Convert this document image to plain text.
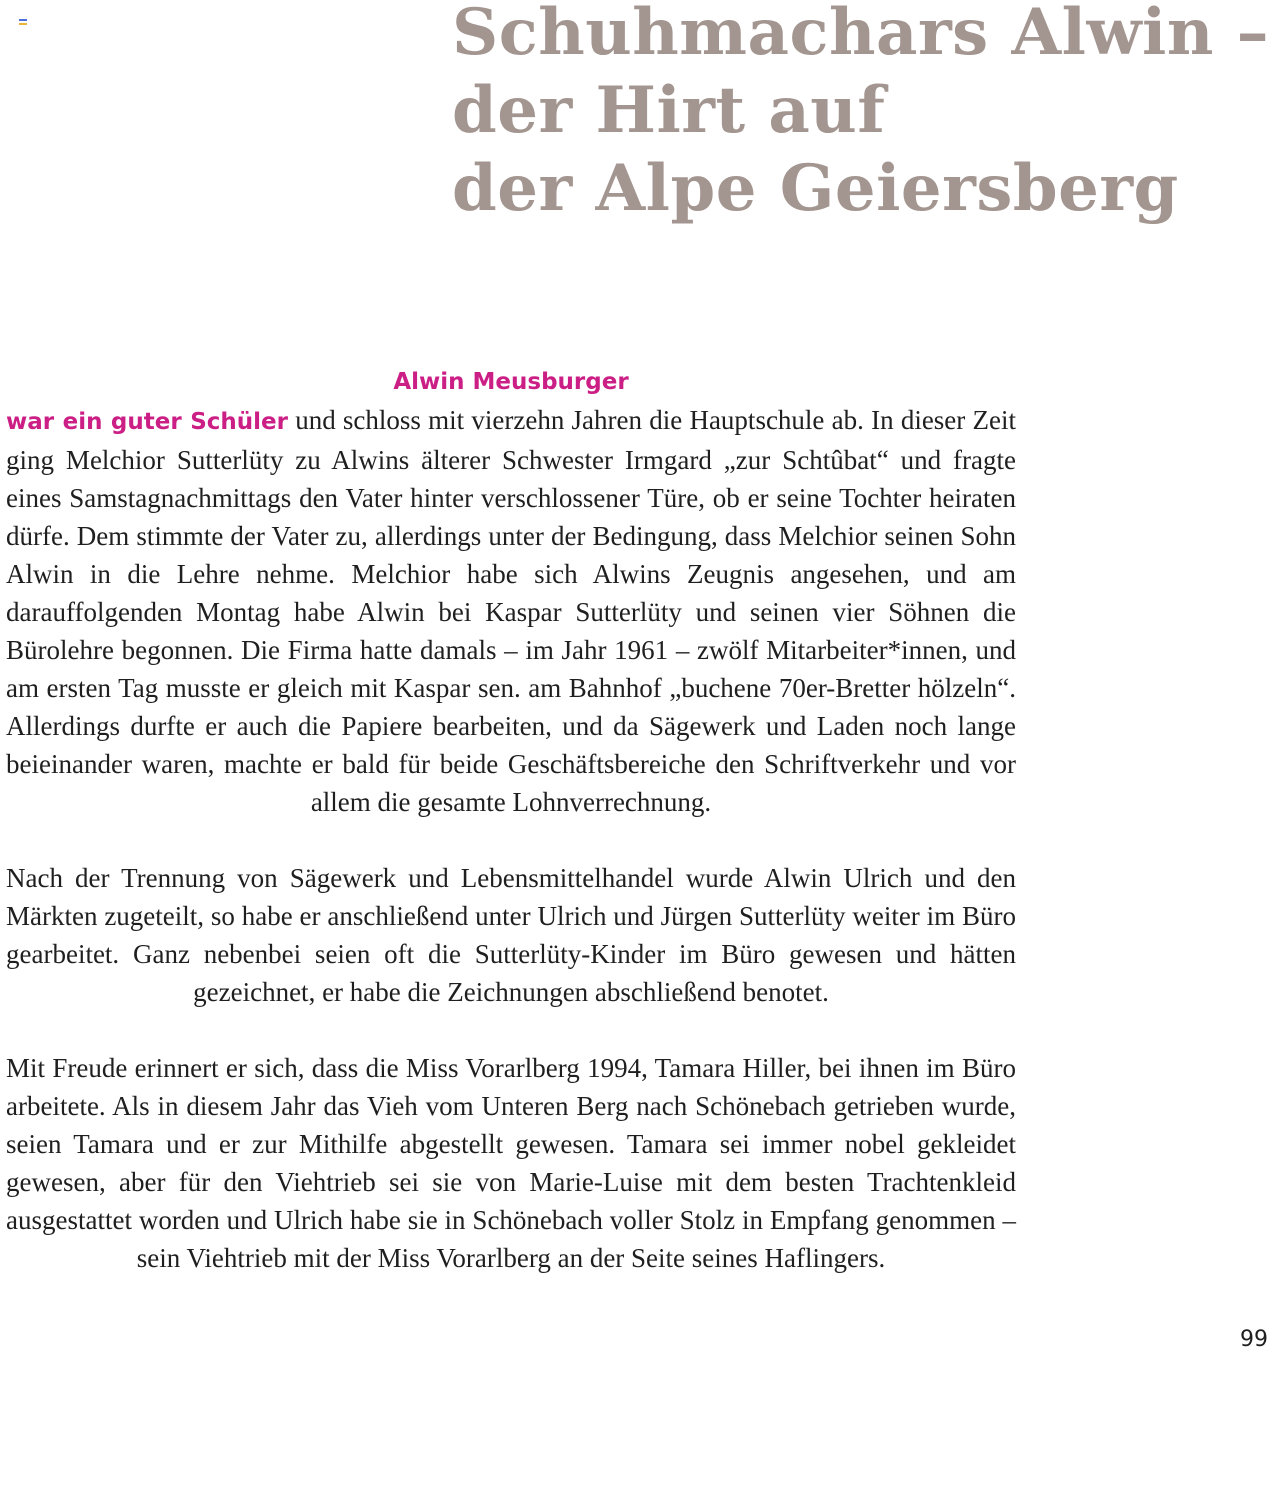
Schuhmachars Alwin –
der Hirt auf
der Alpe Geiersberg

Alwin Meusburger
war ein guter Schüler und schloss mit vierzehn Jahren die Hauptschule ab. In dieser Zeit ging Melchior Sutterlüty zu Alwins älterer Schwester Irmgard „zur Schtûbat“ und fragte eines Samstagnachmittags den Vater hinter verschlossener Türe, ob er seine Tochter heiraten dürfe. Dem stimmte der Vater zu, allerdings unter der Bedingung, dass Melchior seinen Sohn Alwin in die Lehre nehme. Melchior habe sich Alwins Zeugnis angesehen, und am darauffolgenden Montag habe Alwin bei Kaspar Sutterlüty und seinen vier Söhnen die Bürolehre begonnen. Die Firma hatte damals – im Jahr 1961 – zwölf Mitarbeiter*innen, und am ersten Tag musste er gleich mit Kaspar sen. am Bahnhof „buchene 70er-Bretter hölzeln“. Allerdings durfte er auch die Papiere bearbeiten, und da Sägewerk und Laden noch lange beieinander waren, machte er bald für beide Geschäftsbereiche den Schriftverkehr und vor allem die gesamte Lohnverrechnung.

Nach der Trennung von Sägewerk und Lebensmittelhandel wurde Alwin Ulrich und den Märkten zugeteilt, so habe er anschließend unter Ulrich und Jürgen Sutterlüty weiter im Büro gearbeitet. Ganz nebenbei seien oft die Sutterlüty-Kinder im Büro gewesen und hätten gezeichnet, er habe die Zeichnungen abschließend benotet.

Mit Freude erinnert er sich, dass die Miss Vorarlberg 1994, Tamara Hiller, bei ihnen im Büro arbeitete. Als in diesem Jahr das Vieh vom Unteren Berg nach Schönebach getrieben wurde, seien Tamara und er zur Mithilfe abgestellt gewesen. Tamara sei immer nobel gekleidet gewesen, aber für den Viehtrieb sei sie von Marie-Luise mit dem besten Trachtenkleid ausgestattet worden und Ulrich habe sie in Schönebach voller Stolz in Empfang genommen – sein Viehtrieb mit der Miss Vorarlberg an der Seite seines Haflingers.

99
